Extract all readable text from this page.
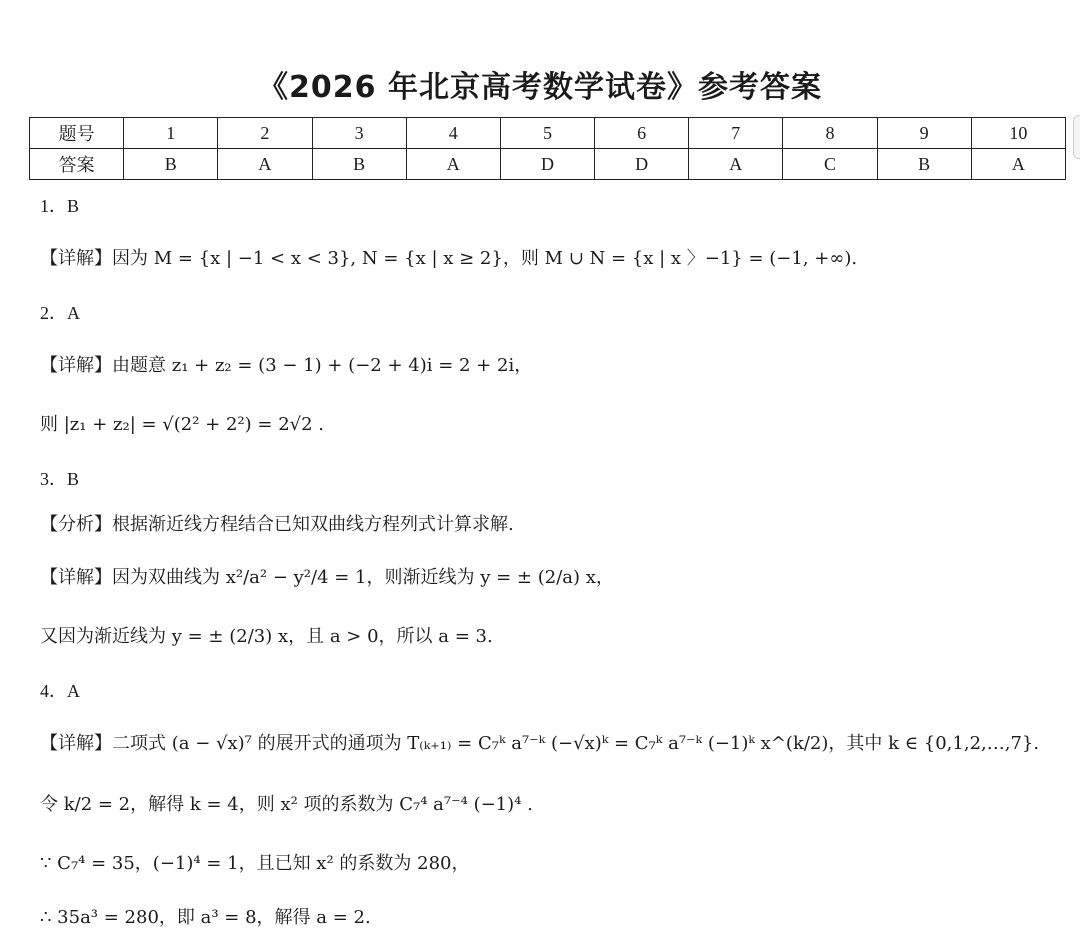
《2026 年北京高考数学试卷》参考答案
题号	1	2	3	4	5	6	7	8	9	10
答案	B	A	B	A	D	D	A	C	B	A
1．B
【详解】因为 M = {x | −1 < x < 3}, N = {x | x ≥ 2}，则 M ∪ N = {x | x 〉−1} = (−1, +∞).
2．A
【详解】由题意 z₁ + z₂ = (3 − 1) + (−2 + 4)i = 2 + 2i，
则 |z₁ + z₂| = √(2² + 2²) = 2√2 .
3．B
【分析】根据渐近线方程结合已知双曲线方程列式计算求解.
【详解】因为双曲线为 x²/a² − y²/4 = 1，则渐近线为 y = ± (2/a) x，
又因为渐近线为 y = ± (2/3) x，且 a > 0，所以 a = 3.
4．A
【详解】二项式 (a − √x)⁷ 的展开式的通项为 T₍ₖ₊₁₎ = C₇ᵏ a⁷⁻ᵏ (−√x)ᵏ = C₇ᵏ a⁷⁻ᵏ (−1)ᵏ x^(k/2)，其中 k ∈ {0,1,2,…,7}.
令 k/2 = 2，解得 k = 4，则 x² 项的系数为 C₇⁴ a⁷⁻⁴ (−1)⁴ .
∵ C₇⁴ = 35，(−1)⁴ = 1，且已知 x² 的系数为 280，
∴ 35a³ = 280，即 a³ = 8，解得 a = 2.
